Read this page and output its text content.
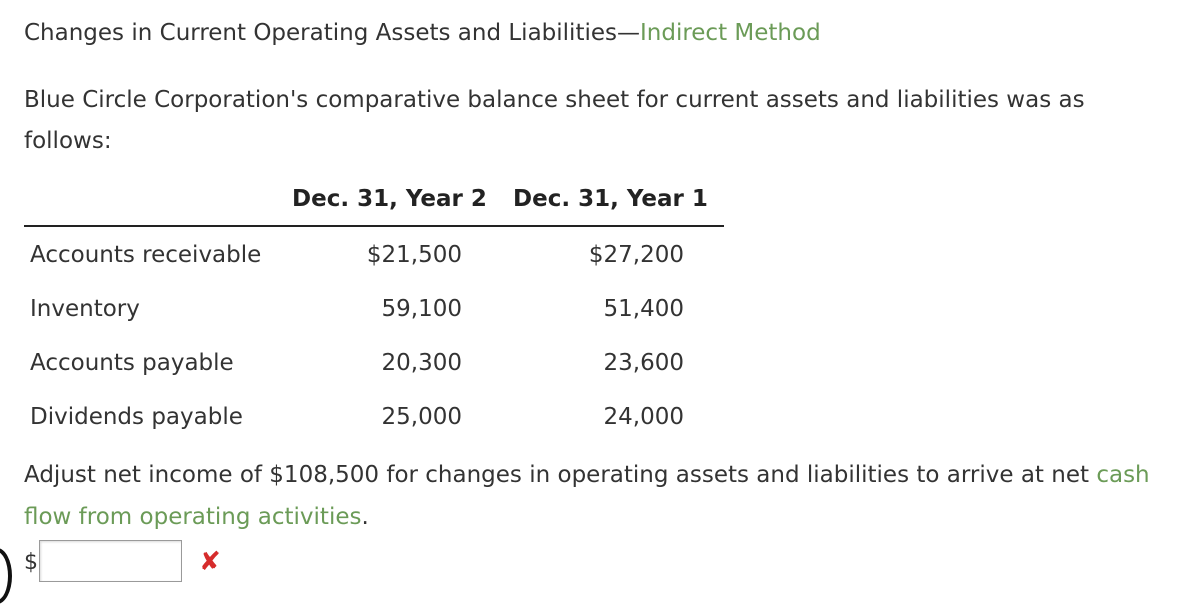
Changes in Current Operating Assets and Liabilities—Indirect Method
Blue Circle Corporation's comparative balance sheet for current assets and liabilities was as follows:
Dec. 31, Year 2 Dec. 31, Year 1
Accounts receivable	$21,500	$27,200
Inventory	59,100	51,400
Accounts payable	20,300	23,600
Dividends payable	25,000	24,000
Adjust net income of $108,500 for changes in operating assets and liabilities to arrive at net cash flow from operating activities.
$	✘
